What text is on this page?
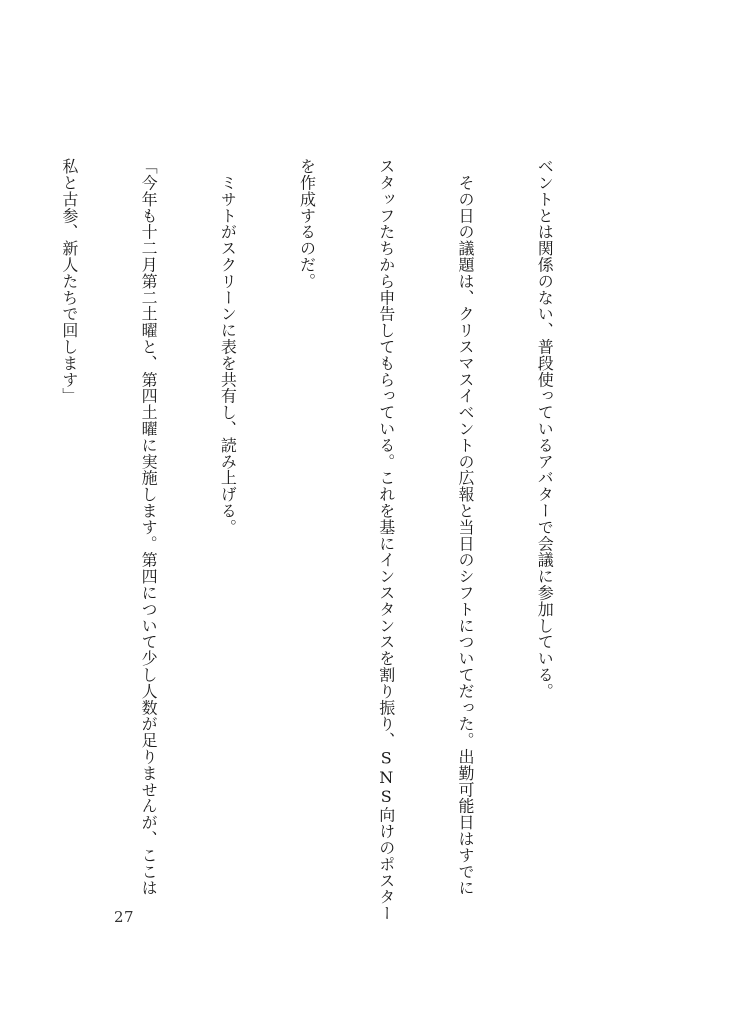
ベントとは関係のない、普段使っているアバターで会議に参加している。

　その日の議題は、クリスマスイベントの広報と当日のシフトについてだった。出勤可能日はすでに

スタッフたちから申告してもらっている。これを基にインスタンスを割り振り、SNS向けのポスター

を作成するのだ。

　ミサトがスクリーンに表を共有し、読み上げる。

「今年も十二月第二土曜と、第四土曜に実施します。第四について少し人数が足りませんが、ここは

私と古参、新人たちで回します」

27
